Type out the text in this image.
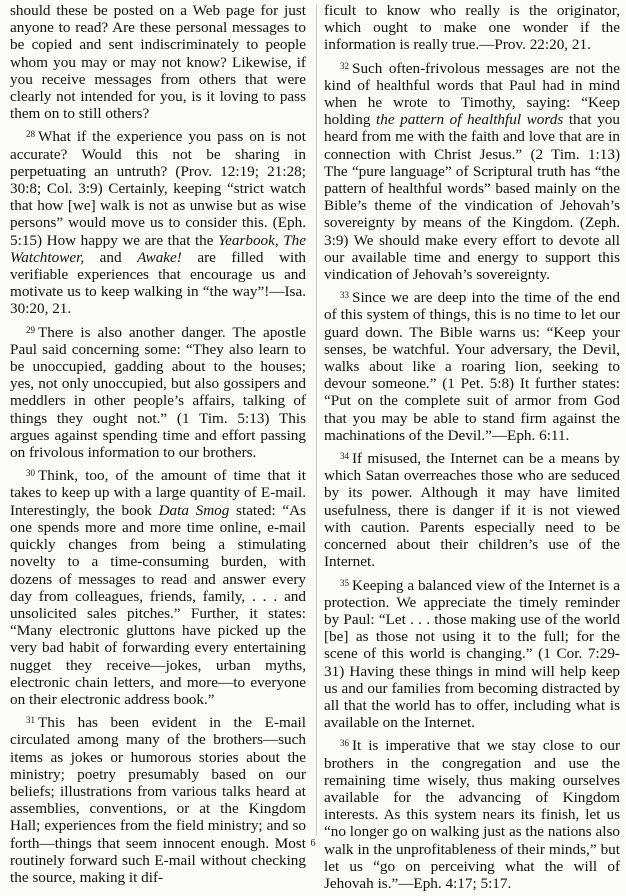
should these be posted on a Web page for just anyone to read? Are these personal messages to be copied and sent indiscriminately to people whom you may or may not know? Likewise, if you receive messages from others that were clearly not intended for you, is it loving to pass them on to still others?

$^{28}$ What if the experience you pass on is not accurate? Would this not be sharing in perpetuating an untruth? (Prov. 12:19; 21:28; 30:8; Col. 3:9) Certainly, keeping “strict watch that how [we] walk is not as unwise but as wise persons” would move us to consider this. (Eph. 5:15) How happy we are that the Yearbook, The Watchtower, and Awake! are filled with verifiable experiences that encourage us and motivate us to keep walking in “the way”!—Isa. 30:20, 21.

$^{29}$ There is also another danger. The apostle Paul said concerning some: “They also learn to be unoccupied, gadding about to the houses; yes, not only unoccupied, but also gossipers and meddlers in other people’s affairs, talking of things they ought not.” (1 Tim. 5:13) This argues against spending time and effort passing on frivolous information to our brothers.

$^{30}$ Think, too, of the amount of time that it takes to keep up with a large quantity of E-mail. Interestingly, the book Data Smog stated: “As one spends more and more time online, e-mail quickly changes from being a stimulating novelty to a time-consuming burden, with dozens of messages to read and answer every day from colleagues, friends, family, . . . and unsolicited sales pitches.” Further, it states: “Many electronic gluttons have picked up the very bad habit of forwarding every entertaining nugget they receive—jokes, urban myths, electronic chain letters, and more—to everyone on their electronic address book.”

$^{31}$ This has been evident in the E-mail circulated among many of the brothers—such items as jokes or humorous stories about the ministry; poetry presumably based on our beliefs; illustrations from various talks heard at assemblies, conventions, or at the Kingdom Hall; experiences from the field ministry; and so forth—things that seem innocent enough. Most routinely forward such E-mail without checking the source, making it dif-

ficult to know who really is the originator, which ought to make one wonder if the information is really true.—Prov. 22:20, 21.

$^{32}$ Such often-frivolous messages are not the kind of healthful words that Paul had in mind when he wrote to Timothy, saying: “Keep holding the pattern of healthful words that you heard from me with the faith and love that are in connection with Christ Jesus.” (2 Tim. 1:13) The “pure language” of Scriptural truth has “the pattern of healthful words” based mainly on the Bible’s theme of the vindication of Jehovah’s sovereignty by means of the Kingdom. (Zeph. 3:9) We should make every effort to devote all our available time and energy to support this vindication of Jehovah’s sovereignty.

$^{33}$ Since we are deep into the time of the end of this system of things, this is no time to let our guard down. The Bible warns us: “Keep your senses, be watchful. Your adversary, the Devil, walks about like a roaring lion, seeking to devour someone.” (1 Pet. 5:8) It further states: “Put on the complete suit of armor from God that you may be able to stand firm against the machinations of the Devil.”—Eph. 6:11.

$^{34}$ If misused, the Internet can be a means by which Satan overreaches those who are seduced by its power. Although it may have limited usefulness, there is danger if it is not viewed with caution. Parents especially need to be concerned about their children’s use of the Internet.

$^{35}$ Keeping a balanced view of the Internet is a protection. We appreciate the timely reminder by Paul: “Let . . . those making use of the world [be] as those not using it to the full; for the scene of this world is changing.” (1 Cor. 7:29-31) Having these things in mind will help keep us and our families from becoming distracted by all that the world has to offer, including what is available on the Internet.

$^{36}$ It is imperative that we stay close to our brothers in the congregation and use the remaining time wisely, thus making ourselves available for the advancing of Kingdom interests. As this system nears its finish, let us “no longer go on walking just as the nations also walk in the unprofitableness of their minds,” but let us “go on perceiving what the will of Jehovah is.”—Eph. 4:17; 5:17.

6
